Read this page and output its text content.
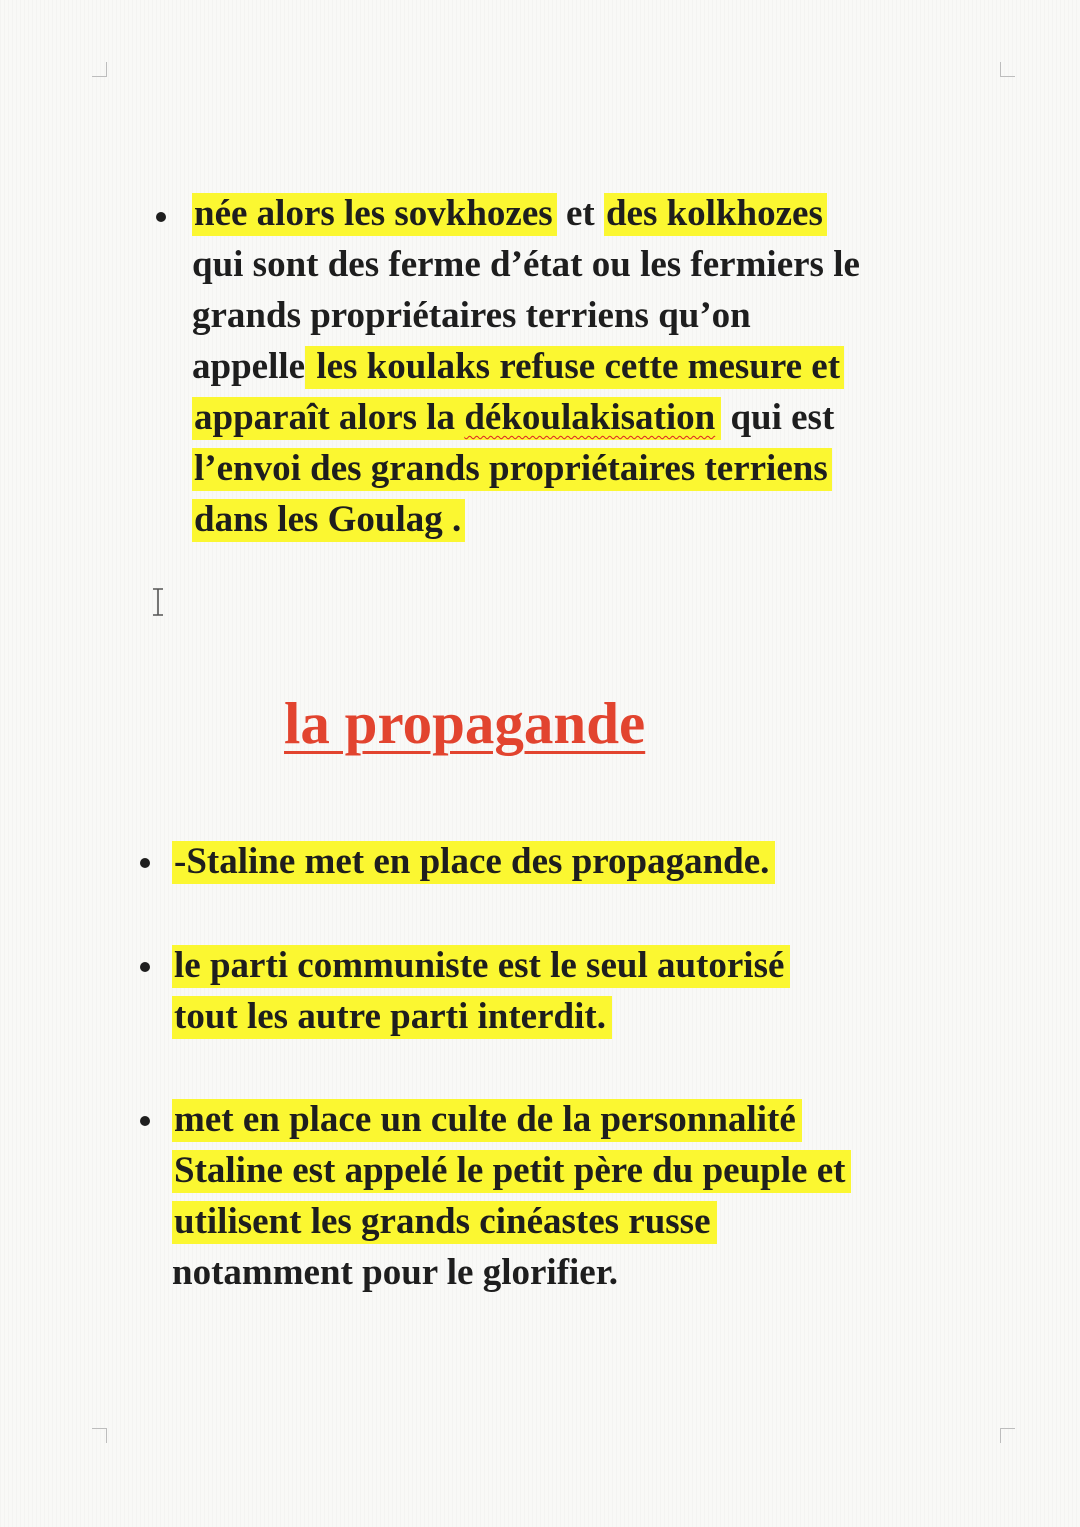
née alors les sovkhozes et des kolkhozes
qui sont des ferme d’état ou les fermiers le
grands propriétaires terriens qu’on
appelle les koulaks refuse cette mesure et
apparaît alors la dékoulakisation qui est
l’envoi des grands propriétaires terriens
dans les Goulag .
la propagande
-Staline met en place des propagande.
le parti communiste est le seul autorisé
tout les autre parti interdit.
met en place un culte de la personnalité
Staline est appelé le petit père du peuple et
utilisent les grands cinéastes russe
notamment pour le glorifier.
